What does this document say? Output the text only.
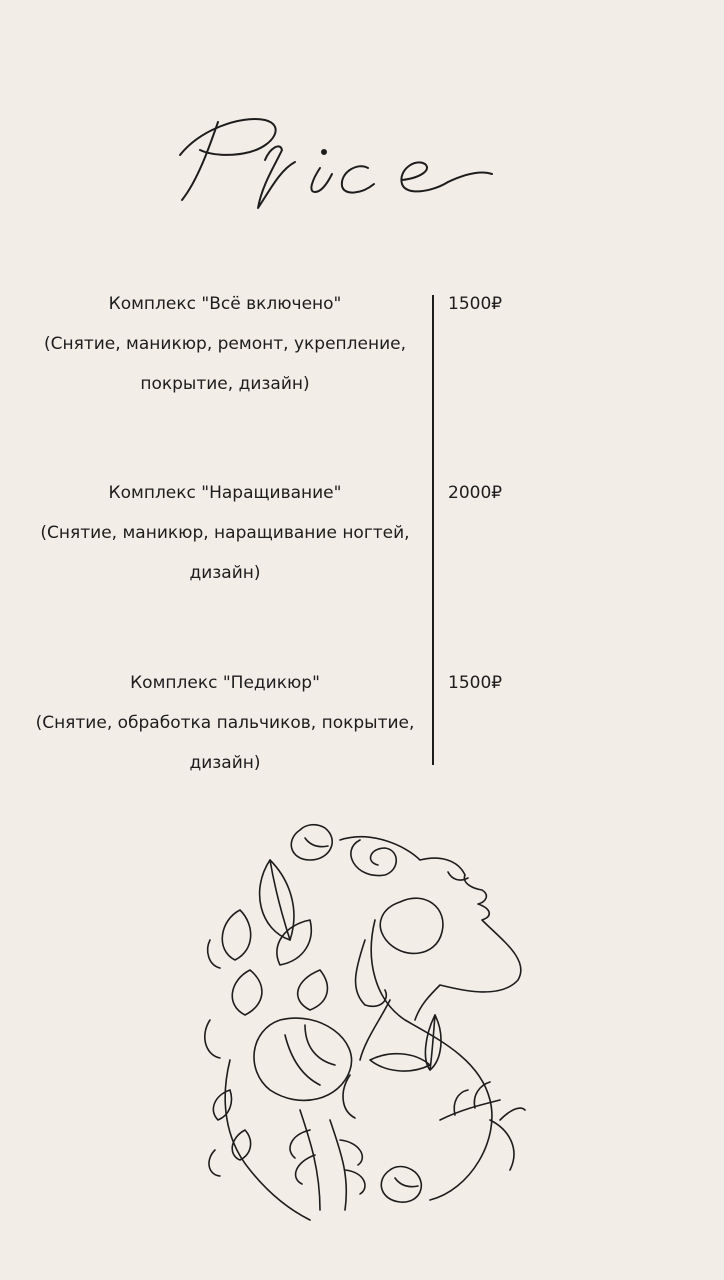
Комплекс "Всё включено"
(Снятие, маникюр, ремонт, укрепление,
покрытие, дизайн)
1500₽
Комплекс "Наращивание"
(Снятие, маникюр, наращивание ногтей,
дизайн)
2000₽
Комплекс "Педикюр"
(Снятие, обработка пальчиков, покрытие,
дизайн)
1500₽
